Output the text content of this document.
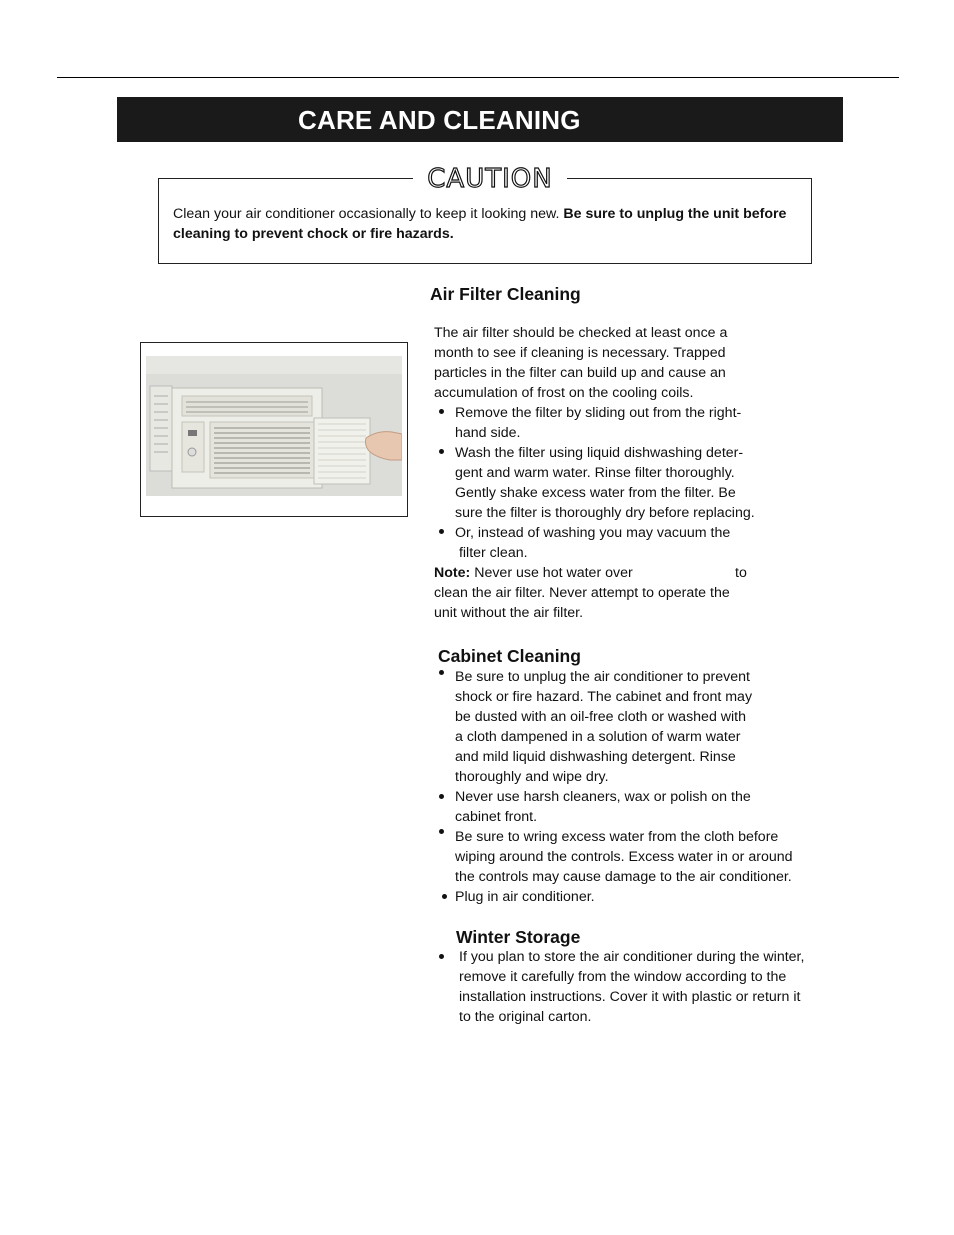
CARE AND CLEANING
CAUTION
Clean your air conditioner occasionally to keep it looking new. Be sure to unplug the unit before cleaning to prevent chock or fire hazards.
Air Filter Cleaning
The air filter should be checked at least once a
month to see if cleaning is necessary. Trapped
particles in the filter can build up and cause an
accumulation of frost on the cooling coils.
Remove the filter by sliding out from the right-
hand side.
Wash the filter using liquid dishwashing deter-
gent and warm water. Rinse filter thoroughly.
Gently shake excess water from the filter. Be
sure the filter is thoroughly dry before replacing.
Or, instead of washing you may vacuum the
filter clean.
Note: Never use hot water over	to
clean the air filter. Never attempt to operate the
unit without the air filter.
Cabinet Cleaning
Be sure to unplug the air conditioner to prevent
shock or fire hazard. The cabinet and front may
be dusted with an oil-free cloth or washed with
a cloth dampened in a solution of warm water
and mild liquid dishwashing detergent. Rinse
thoroughly and wipe dry.
Never use harsh cleaners, wax or polish on the
cabinet front.
Be sure to wring excess water from the cloth before
wiping around the controls. Excess water in or around
the controls may cause damage to the air conditioner.
Plug in air conditioner.
Winter Storage
If you plan to store the air conditioner during the winter,
remove it carefully from the window according to the
installation instructions. Cover it with plastic or return it
to the original carton.
